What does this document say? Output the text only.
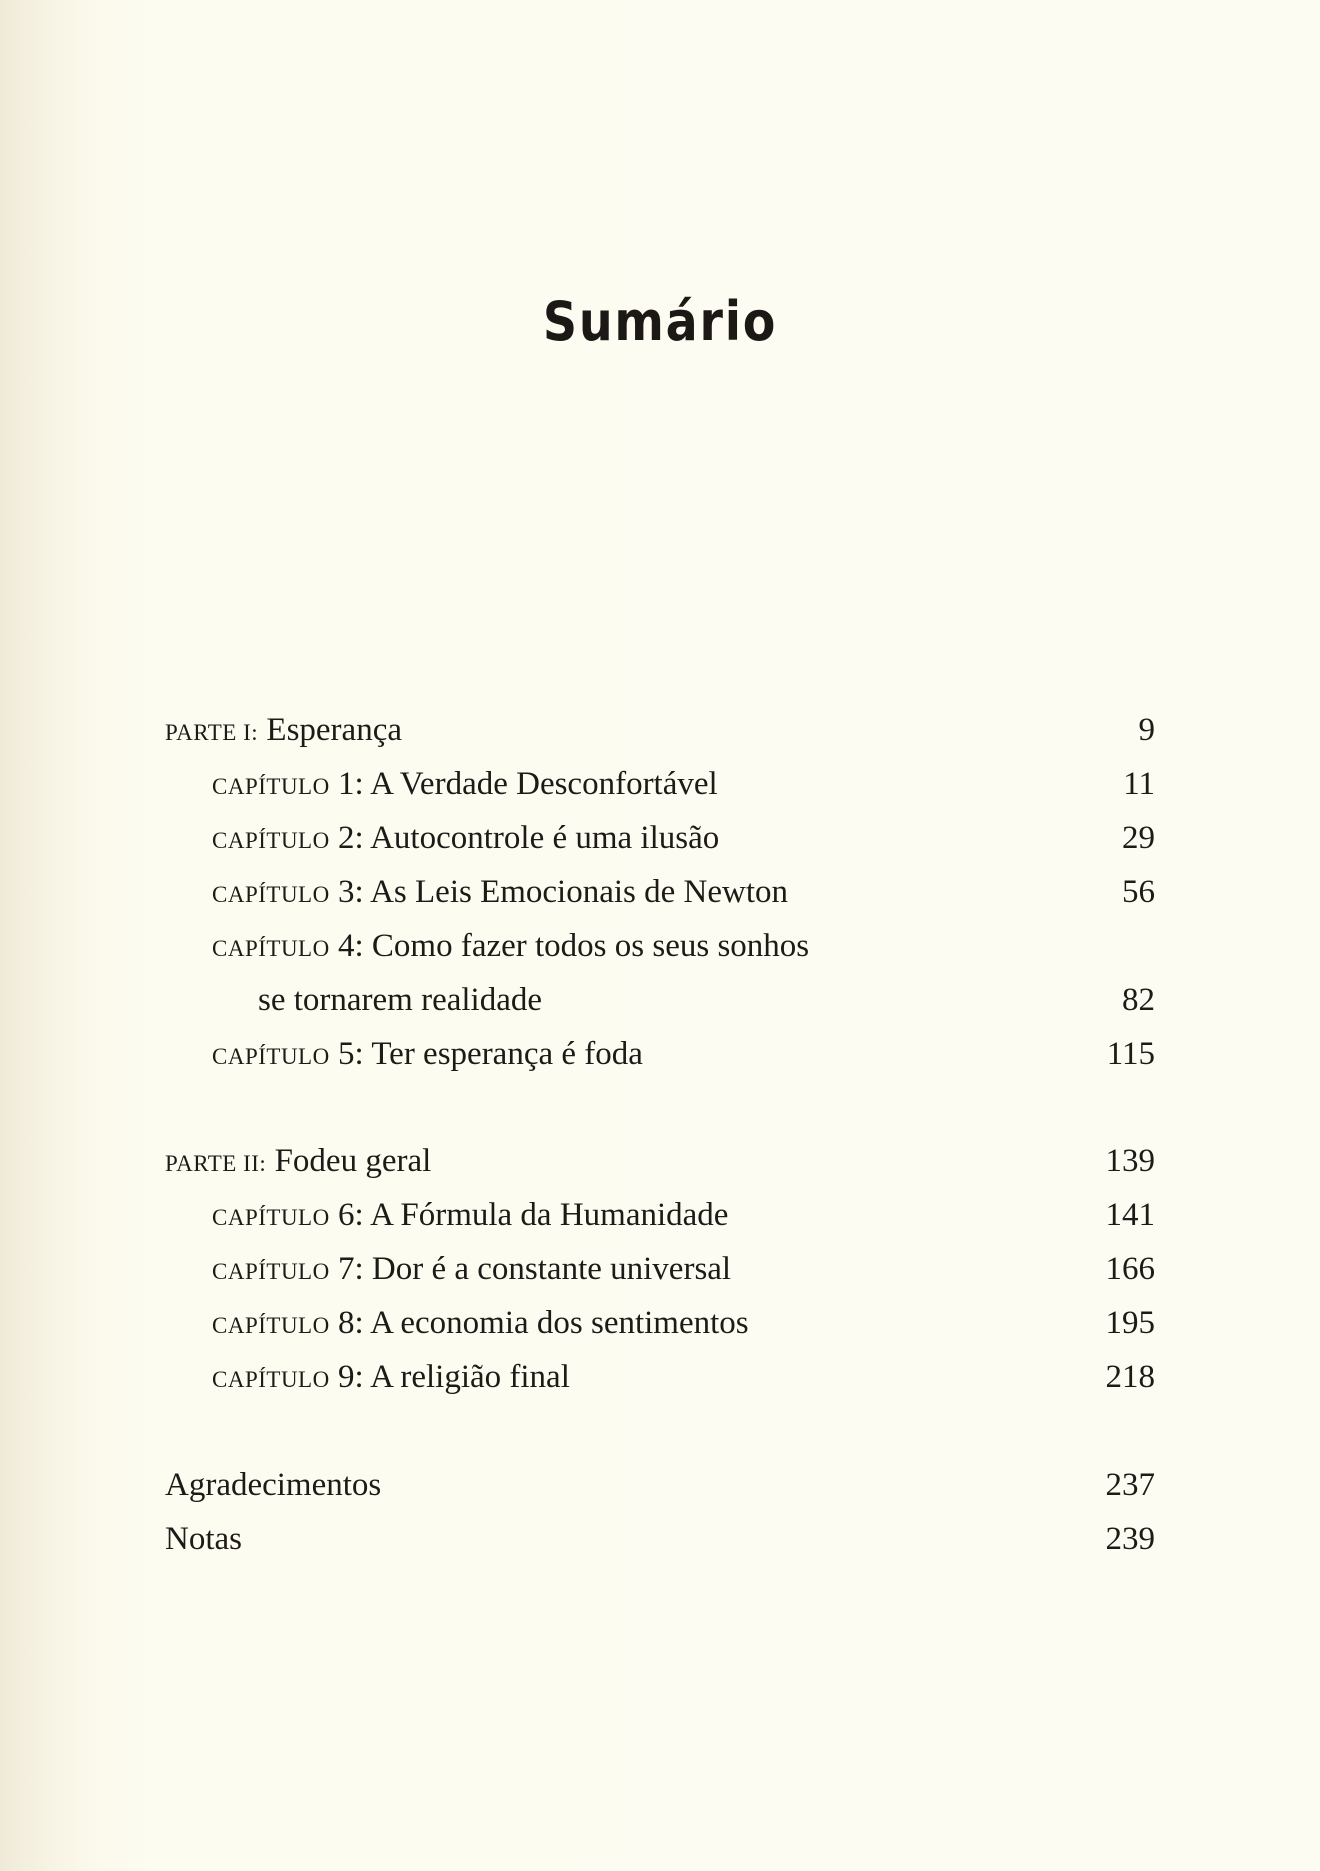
Sumário
PARTE I: Esperança	9
CAPÍTULO 1: A Verdade Desconfortável	11
CAPÍTULO 2: Autocontrole é uma ilusão	29
CAPÍTULO 3: As Leis Emocionais de Newton	56
CAPÍTULO 4: Como fazer todos os seus sonhos
se tornarem realidade	82
CAPÍTULO 5: Ter esperança é foda	115
PARTE II: Fodeu geral	139
CAPÍTULO 6: A Fórmula da Humanidade	141
CAPÍTULO 7: Dor é a constante universal	166
CAPÍTULO 8: A economia dos sentimentos	195
CAPÍTULO 9: A religião final	218
Agradecimentos	237
Notas	239
